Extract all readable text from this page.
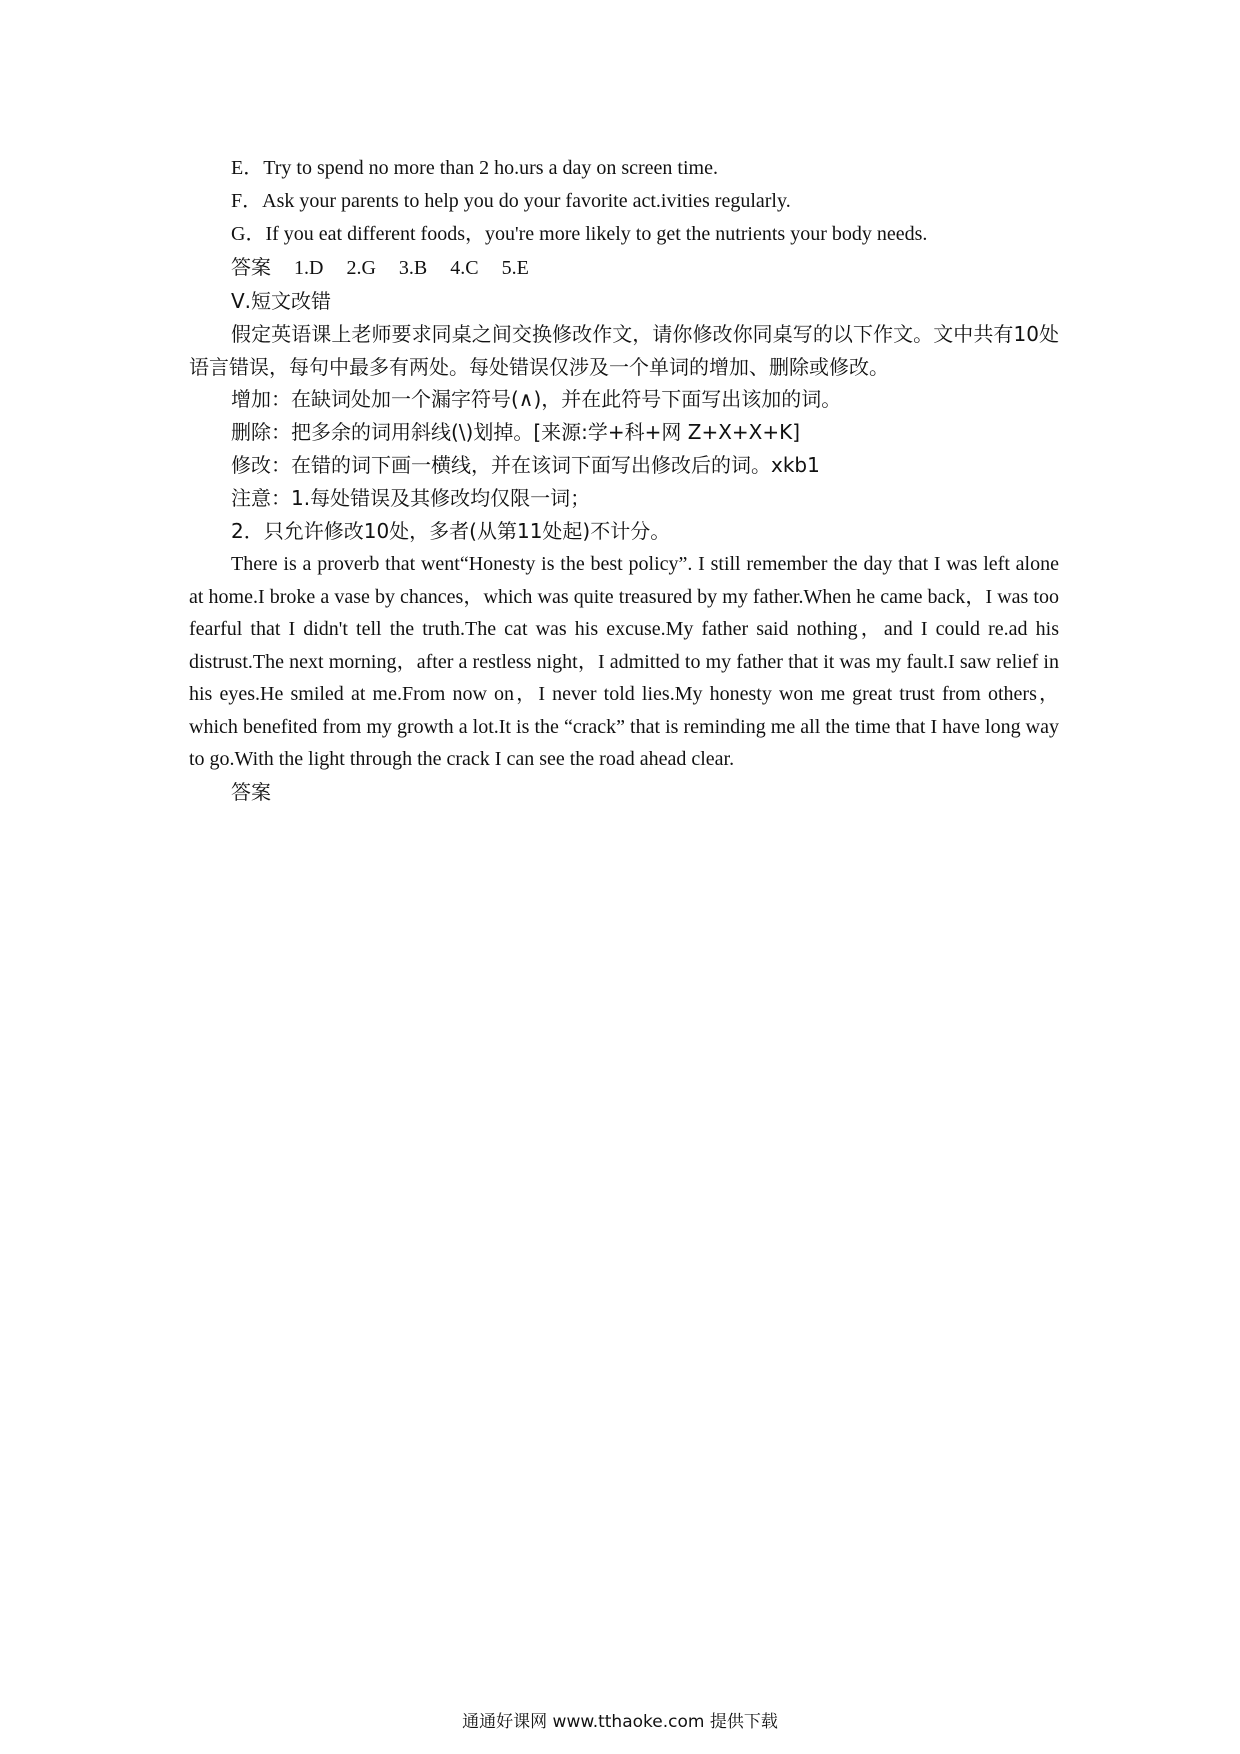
E．Try to spend no more than 2 ho.urs a day on screen time.

F．Ask your parents to help you do your favorite act.ivities regularly.

G．If you eat different foods，you're more likely to get the nutrients your body needs.

答案 1.D 2.G 3.B 4.C 5.E

Ⅴ.短文改错

假定英语课上老师要求同桌之间交换修改作文，请你修改你同桌写的以下作文。文中共有10处语言错误，每句中最多有两处。每处错误仅涉及一个单词的增加、删除或修改。

增加：在缺词处加一个漏字符号(∧)，并在此符号下面写出该加的词。

删除：把多余的词用斜线(\)划掉。[来源:学+科+网 Z+X+X+K]

修改：在错的词下画一横线，并在该词下面写出修改后的词。xkb1

注意：1.每处错误及其修改均仅限一词；

2．只允许修改10处，多者(从第11处起)不计分。

There is a proverb that went“Honesty is the best policy”. I still remember the day that I was left alone at home.I broke a vase by chances，which was quite treasured by my father.When he came back，I was too fearful that I didn't tell the truth.The cat was his excuse.My father said nothing，and I could re.ad his distrust.The next morning，after a restless night，I admitted to my father that it was my fault.I saw relief in his eyes.He smiled at me.From now on，I never told lies.My honesty won me great trust from others，which benefited from my growth a lot.It is the “crack” that is reminding me all the time that I have long way to go.With the light through the crack I can see the road ahead clear.

答案

通通好课网 www.tthaoke.com 提供下载
